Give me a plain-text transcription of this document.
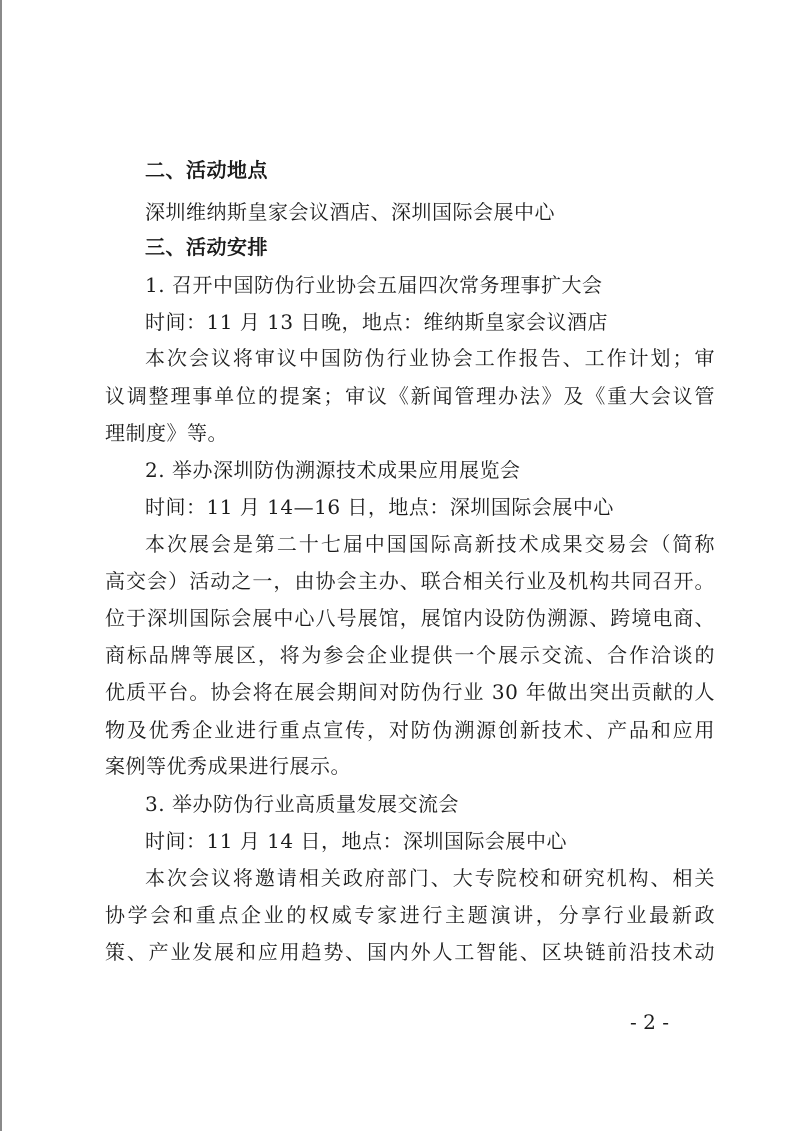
二、活动地点
深圳维纳斯皇家会议酒店、深圳国际会展中心
三、活动安排
1. 召开中国防伪行业协会五届四次常务理事扩大会
时间：11 月 13 日晚，地点：维纳斯皇家会议酒店
本次会议将审议中国防伪行业协会工作报告、工作计划；审
议调整理事单位的提案；审议《新闻管理办法》及《重大会议管
理制度》等。
2. 举办深圳防伪溯源技术成果应用展览会
时间：11 月 14—16 日，地点：深圳国际会展中心
本次展会是第二十七届中国国际高新技术成果交易会（简称
高交会）活动之一，由协会主办、联合相关行业及机构共同召开。
位于深圳国际会展中心八号展馆，展馆内设防伪溯源、跨境电商、
商标品牌等展区，将为参会企业提供一个展示交流、合作洽谈的
优质平台。协会将在展会期间对防伪行业 30 年做出突出贡献的人
物及优秀企业进行重点宣传，对防伪溯源创新技术、产品和应用
案例等优秀成果进行展示。
3. 举办防伪行业高质量发展交流会
时间：11 月 14 日，地点：深圳国际会展中心
本次会议将邀请相关政府部门、大专院校和研究机构、相关
协学会和重点企业的权威专家进行主题演讲，分享行业最新政
策、产业发展和应用趋势、国内外人工智能、区块链前沿技术动
- 2 -
